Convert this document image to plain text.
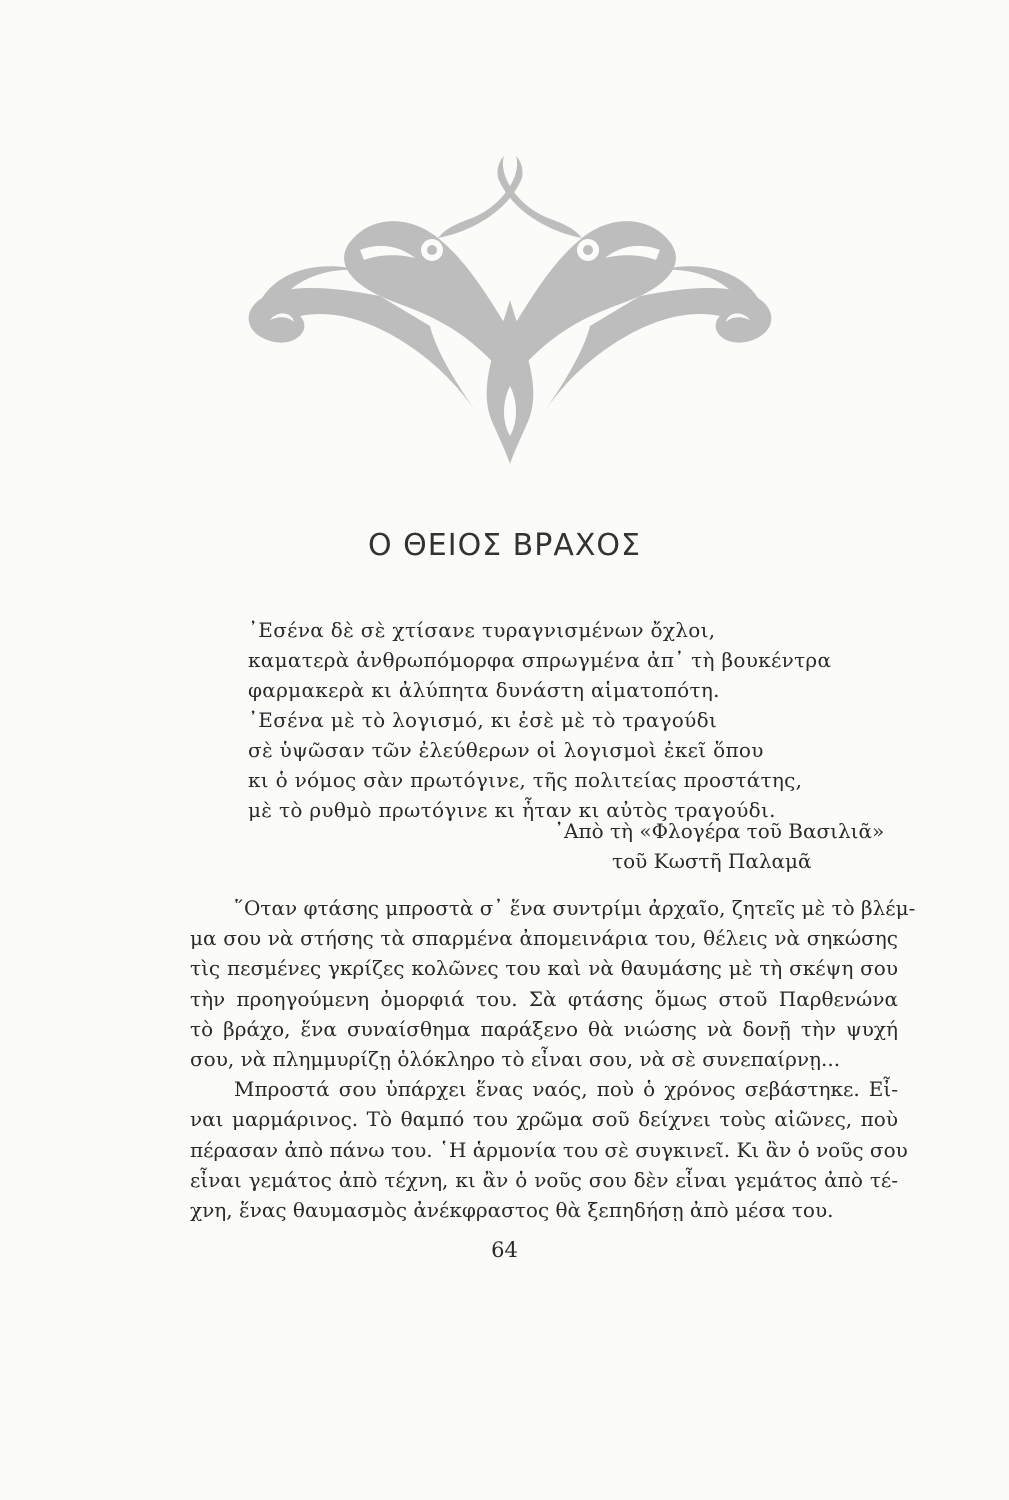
Ο ΘΕΙΟΣ ΒΡΑΧΟΣ
᾿Εσένα δὲ σὲ χτίσανε τυραγνισμένων ὄχλοι,
καματερὰ ἀνθρωπόμορφα σπρωγμένα ἀπ᾿ τὴ βουκέντρα
φαρμακερὰ κι ἀλύπητα δυνάστη αἱματοπότη.
᾿Εσένα μὲ τὸ λογισμό, κι ἐσὲ μὲ τὸ τραγούδι
σὲ ὑψῶσαν τῶν ἐλεύθερων οἱ λογισμοὶ ἐκεῖ ὅπου
κι ὁ νόμος σὰν πρωτόγινε, τῆς πολιτείας προστάτης,
μὲ τὸ ρυθμὸ πρωτόγινε κι ἦταν κι αὐτὸς τραγούδι.
᾿Απὸ τὴ «Φλογέρα τοῦ Βασιλιᾶ»
τοῦ Κωστῆ Παλαμᾶ
῞Οταν φτάσης μπροστὰ σ᾿ ἕνα συντρίμι ἀρχαῖο, ζητεῖς μὲ τὸ βλέμ-
μα σου νὰ στήσης τὰ σπαρμένα ἀπομεινάρια του, θέλεις νὰ σηκώσης
τὶς πεσμένες γκρίζες κολῶνες του καὶ νὰ θαυμάσης μὲ τὴ σκέψη σου
τὴν προηγούμενη ὀμορφιά του. Σὰ φτάσης ὅμως στοῦ Παρθενώνα
τὸ βράχο, ἕνα συναίσθημα παράξενο θὰ νιώσης νὰ δονῇ τὴν ψυχή
σου, νὰ πλημμυρίζῃ ὁλόκληρο τὸ εἶναι σου, νὰ σὲ συνεπαίρνῃ...
Μπροστά σου ὑπάρχει ἕνας ναός, ποὺ ὁ χρόνος σεβάστηκε. Εἶ-
ναι μαρμάρινος. Τὸ θαμπό του χρῶμα σοῦ δείχνει τοὺς αἰῶνες, ποὺ
πέρασαν ἀπὸ πάνω του. ῾Η ἁρμονία του σὲ συγκινεῖ. Κι ἂν ὁ νοῦς σου
εἶναι γεμάτος ἀπὸ τέχνη, κι ἂν ὁ νοῦς σου δὲν εἶναι γεμάτος ἀπὸ τέ-
χνη, ἕνας θαυμασμὸς ἀνέκφραστος θὰ ξεπηδήσῃ ἀπὸ μέσα του.
64
